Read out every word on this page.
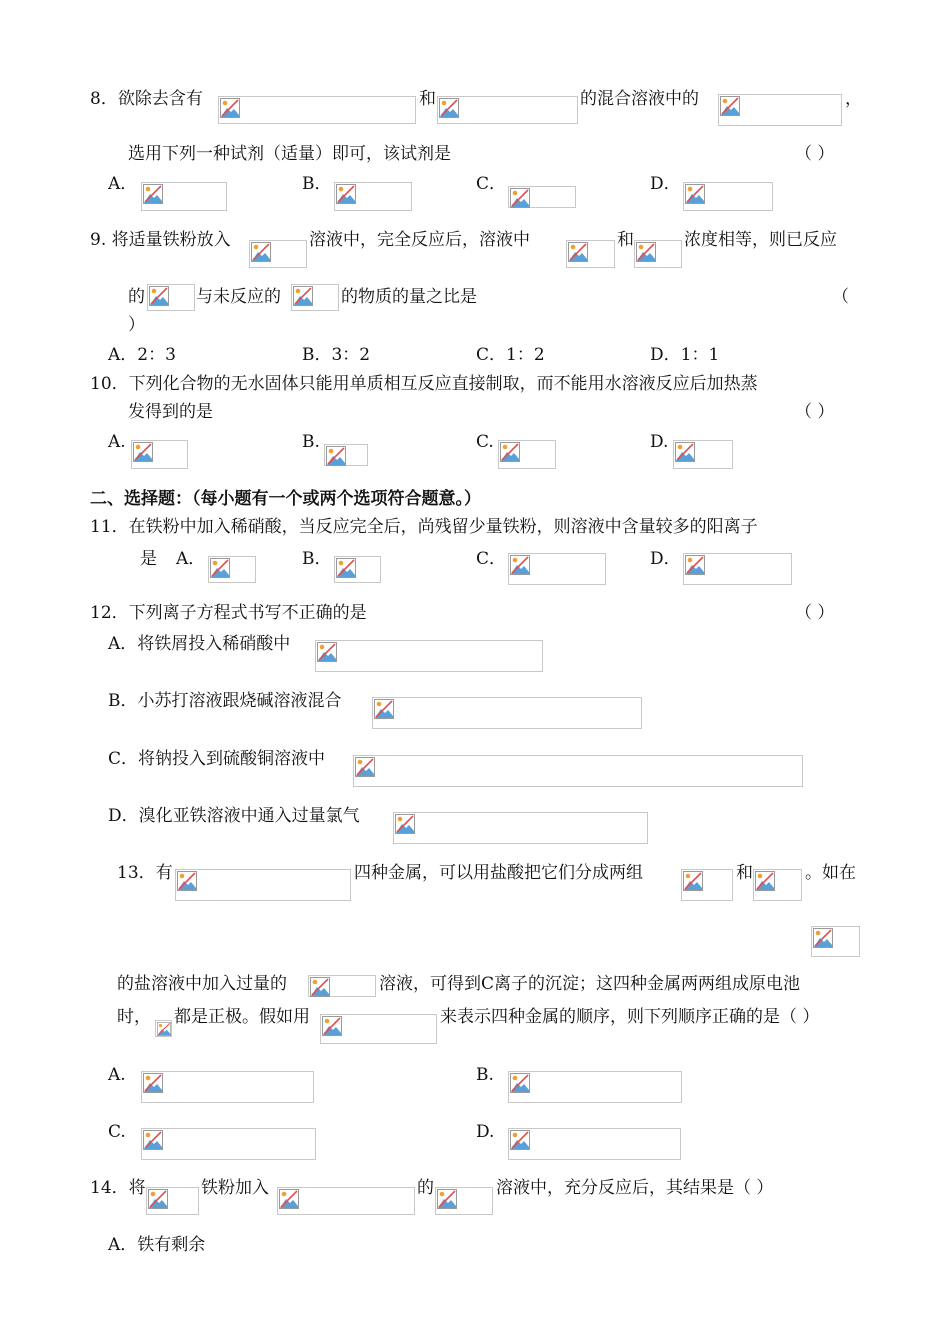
8．欲除去含有	和	的混合溶液中的	，
选用下列一种试剂（适量）即可，该试剂是	（ ）
A．	B．	C．	D．
9. 将适量铁粉放入	溶液中，完全反应后，溶液中	和	浓度相等，则已反应
的	与未反应的	的物质的量之比是	（
）
A．2：3	B．3：2	C．1：2	D．1：1
10．下列化合物的无水固体只能用单质相互反应直接制取，而不能用水溶液反应后加热蒸
发得到的是	（ ）
A.	B.	C.	D.
二、选择题：（每小题有一个或两个选项符合题意。）
11．在铁粉中加入稀硝酸，当反应完全后，尚残留少量铁粉，则溶液中含量较多的阳离子
是 A．	B．	C．	D．
12．下列离子方程式书写不正确的是	（ ）
A．将铁屑投入稀硝酸中
B．小苏打溶液跟烧碱溶液混合
C．将钠投入到硫酸铜溶液中
D．溴化亚铁溶液中通入过量氯气
13．有	四种金属，可以用盐酸把它们分成两组	和	。如在
的盐溶液中加入过量的	溶液，可得到C离子的沉淀；这四种金属两两组成原电池
时， 都是正极。假如用	来表示四种金属的顺序，则下列顺序正确的是（ ）
A.	B.
C.	D.
14．将	铁粉加入	的	溶液中，充分反应后，其结果是（ ）
A．铁有剩余
